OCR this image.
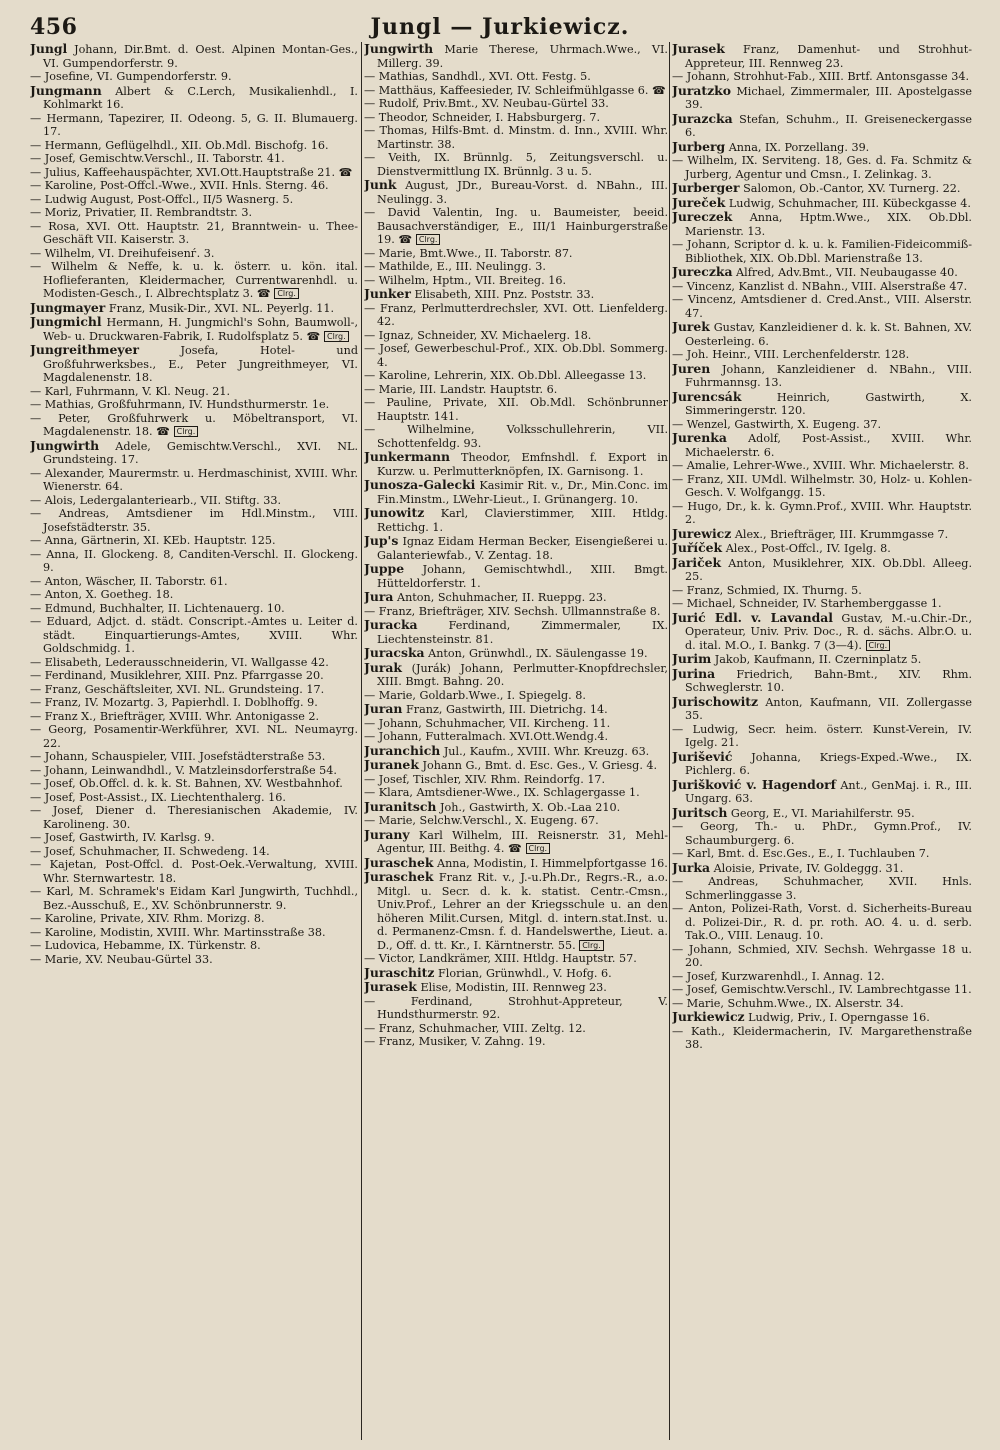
456	Jungl — Jurkiewicz.

Jungl Johann, Dir.Bmt. d. Oest. Alpinen Montan-Ges., VI. Gumpendorferstr. 9.

— Josefine, VI. Gumpendorferstr. 9.

Jungmann Albert & C.Lerch, Musikalienhdl., I. Kohlmarkt 16.

— Hermann, Tapezirer, II. Odeong. 5, G. II. Blumauerg. 17.

— Hermann, Geflügelhdl., XII. Ob.Mdl. Bischofg. 16.

— Josef, Gemischtw.Verschl., II. Taborstr. 41.

— Julius, Kaffeehauspächter, XVI.Ott.Hauptstraße 21. ☎

— Karoline, Post-Offcl.-Wwe., XVII. Hnls. Sterng. 46.

— Ludwig August, Post-Offcl., II/5 Wasnerg. 5.

— Moriz, Privatier, II. Rembrandtstr. 3.

— Rosa, XVI. Ott. Hauptstr. 21, Branntwein- u. Thee-Geschäft VII. Kaiserstr. 3.

— Wilhelm, VI. Dreihufeisenѓ. 3.

— Wilhelm & Neffe, k. u. k. österr. u. kön. ital. Hoflieferanten, Kleidermacher, Currentwarenhdl. u. Modisten-Gesch., I. Albrechtsplatz 3. ☎ Clrg.

Jungmayer Franz, Musik-Dir., XVI. NL. Peyerlg. 11.

Jungmichl Hermann, H. Jungmichl's Sohn, Baumwoll-, Web- u. Druckwaren-Fabrik, I. Rudolfsplatz 5. ☎ Clrg.

Jungreithmeyer	Josefa, Hotel- und Großfuhrwerksbes., E., Peter Jungreithmeyer, VI. Magdalenenstr. 18.

— Karl, Fuhrmann, V. Kl. Neug. 21.

— Mathias, Großfuhrmann, IV. Hundsthurmerstr. 1e.

— Peter, Großfuhrwerk u. Möbeltransport, VI. Magdalenenstr. 18. ☎ Clrg.

Jungwirth Adele, Gemischtw.Verschl., XVI. NL. Grundsteing. 17.

— Alexander, Maurermstr. u. Herdmaschinist, XVIII. Whr. Wienerstr. 64.

— Alois, Ledergalanteriearb., VII. Stiftg. 33.

— Andreas, Amtsdiener im Hdl.Minstm., VIII. Josefstädterstr. 35.

— Anna, Gärtnerin, XI. KEb. Hauptstr. 125.

— Anna, II. Glockeng. 8, Canditen-Verschl. II. Glockeng. 9.

— Anton, Wäscher, II. Taborstr. 61.

— Anton, X. Goetheg. 18.

— Edmund, Buchhalter, II. Lichtenauerg. 10.

— Eduard, Adjct. d. städt. Conscript.-Amtes u. Leiter d. städt. Einquartierungs-Amtes, XVIII. Whr. Goldschmidg. 1.

— Elisabeth, Lederausschneiderin, VI. Wallgasse 42.

— Ferdinand, Musiklehrer, XIII. Pnz. Pfarrgasse 20.

— Franz, Geschäftsleiter, XVI. NL. Grundsteing. 17.

— Franz, IV. Mozartg. 3, Papierhdl. I. Doblhoffg. 9.

— Franz X., Briefträger, XVIII. Whr. Antonigasse 2.

— Georg, Posamentir-Werkführer, XVI. NL. Neumayrg. 22.

— Johann, Schauspieler, VIII. Josefstädterstraße 53.

— Johann, Leinwandhdl., V. Matzleinsdorferstraße 54.

— Josef, Ob.Offcl. d. k. k. St. Bahnen, XV. Westbahnhof.

— Josef, Post-Assist., IX. Liechtenthalerg. 16.

— Josef, Diener d. Theresianischen Akademie, IV. Karolineng. 30.

— Josef, Gastwirth, IV. Karlsg. 9.

— Josef, Schuhmacher, II. Schwedeng. 14.

— Kajetan, Post-Offcl. d. Post-Oek.-Verwaltung, XVIII. Whr. Sternwartestr. 18.

— Karl, M. Schramek's Eidam Karl Jungwirth, Tuchhdl., Bez.-Ausschuß, E., XV. Schönbrunnerstr. 9.

— Karoline, Private, XIV. Rhm. Morizg. 8.

— Karoline, Modistin, XVIII. Whr. Martinsstraße 38.

— Ludovica, Hebamme, IX. Türkenstr. 8.

— Marie, XV. Neubau-Gürtel 33.

Jungwirth Marie Therese, Uhrmach.Wwe., VI. Millerg. 39.

— Mathias, Sandhdl., XVI. Ott. Festg. 5.

— Matthäus, Kaffeesieder, IV. Schleifmühlgasse 6. ☎

— Rudolf, Priv.Bmt., XV. Neubau-Gürtel 33.

— Theodor, Schneider, I. Habsburgerg. 7.

— Thomas, Hilfs-Bmt. d. Minstm. d. Inn., XVIII. Whr. Martinstr. 38.

— Veith, IX. Brünnlg. 5, Zeitungsverschl. u. Dienstvermittlung IX. Brünnlg. 3 u. 5.

Junk August, JDr., Bureau-Vorst. d. NBahn., III. Neulingg. 3.

— David Valentin, Ing. u. Baumeister, beeid. Bausachverständiger, E., III/1 Hainburgerstraße 19. ☎ Clrg.

— Marie, Bmt.Wwe., II. Taborstr. 87.

— Mathilde, E., III. Neulingg. 3.

— Wilhelm, Hptm., VII. Breiteg. 16.

Junker Elisabeth, XIII. Pnz. Poststr. 33.

— Franz, Perlmutterdrechsler, XVI. Ott. Lienfelderg. 42.

— Ignaz, Schneider, XV. Michaelerg. 18.

— Josef, Gewerbeschul-Prof., XIX. Ob.Dbl. Sommerg. 4.

— Karoline, Lehrerin, XIX. Ob.Dbl. Alleegasse 13.

— Marie, III. Landstr. Hauptstr. 6.

— Pauline, Private, XII. Ob.Mdl. Schönbrunner Hauptstr. 141.

— Wilhelmine, Volksschullehrerin, VII. Schottenfeldg. 93.

Junkermann Theodor, Emfnshdl. f. Export in Kurzw. u. Perlmutterknöpfen, IX. Garnisong. 1.

Junosza-Galecki Kasimir Rit. v., Dr., Min.Conc. im Fin.Minstm., LWehr-Lieut., I. Grünangerg. 10.

Junowitz Karl, Clavierstimmer, XIII. Htldg. Rettichg. 1.

Jup's Ignaz Eidam Herman Becker, Eisengießerei u. Galanteriewfab., V. Zentag. 18.

Juppe Johann, Gemischtwhdl., XIII. Bmgt. Hütteldorferstr. 1.

Jura Anton, Schuhmacher, II. Rueppg. 23.

— Franz, Briefträger, XIV. Sechsh. Ullmannstraße 8.

Juracka	Ferdinand, Zimmermaler, IX. Liechtensteinstr. 81.

Juracska Anton, Grünwhdl., IX. Säulengasse 19.

Jurak (Jurák) Johann, Perlmutter-Knopfdrechsler, XIII. Bmgt. Bahng. 20.

— Marie, Goldarb.Wwe., I. Spiegelg. 8.

Juran Franz, Gastwirth, III. Dietrichg. 14.

— Johann, Schuhmacher, VII. Kircheng. 11.

— Johann, Futteralmach. XVI.Ott.Wendg.4.

Juranchich Jul., Kaufm., XVIII. Whr. Kreuzg. 63.

Juranek Johann G., Bmt. d. Esc. Ges., V. Griesg. 4.

— Josef, Tischler, XIV. Rhm. Reindorfg. 17.

— Klara, Amtsdiener-Wwe., IX. Schlagergasse 1.

Juranitsch Joh., Gastwirth, X. Ob.-Laa 210.

— Marie, Selchw.Verschl., X. Eugeng. 67.

Jurany Karl Wilhelm, III. Reisnerstr. 31, Mehl-Agentur, III. Beithg. 4. ☎ Clrg.

Juraschek Anna, Modistin, I. Himmelpfortgasse 16.

Juraschek Franz Rit. v., J.-u.Ph.Dr., Regrs.-R., a.o. Mitgl. u. Secr. d. k. k. statist. Centr.-Cmsn., Univ.Prof., Lehrer an der Kriegsschule u. an den höheren Milit.Cursen, Mitgl. d. intern.stat.Inst. u. d. Permanenz-Cmsn. f. d. Handelswerthe, Lieut. a. D., Off. d. tt. Kr., I. Kärntnerstr. 55. Clrg.

— Victor, Landkrämer, XIII. Htldg. Hauptstr. 57.

Juraschitz Florian, Grünwhdl., V. Hofg. 6.

Jurasek Elise, Modistin, III. Rennweg 23.

— Ferdinand, Strohhut-Appreteur, V. Hundsthurmerstr. 92.

— Franz, Schuhmacher, VIII. Zeltg. 12.

— Franz, Musiker, V. Zahng. 19.

Jurasek Franz, Damenhut- und Strohhut-Appreteur, III. Rennweg 23.

— Johann, Strohhut-Fab., XIII. Brtf. Antonsgasse 34.

Juratzko Michael, Zimmermaler, III. Apostelgasse 39.

Jurazcka Stefan, Schuhm., II. Greiseneckergasse 6.

Jurberg Anna, IX. Porzellang. 39.

— Wilhelm, IX. Serviteng. 18, Ges. d. Fa. Schmitz & Jurberg, Agentur und Cmsn., I. Zelinkag. 3.

Jurberger Salomon, Ob.-Cantor, XV. Turnerg. 22.

Jureček Ludwig, Schuhmacher, III. Kübeckgasse 4.

Jureczek Anna, Hptm.Wwe., XIX. Ob.Dbl. Marienstr. 13.

— Johann, Scriptor d. k. u. k. Familien-Fideicommiß-Bibliothek, XIX. Ob.Dbl. Marienstraße 13.

Jureczka Alfred, Adv.Bmt., VII. Neubaugasse 40.

— Vincenz, Kanzlist d. NBahn., VIII. Alserstraße 47.

— Vincenz, Amtsdiener d. Cred.Anst., VIII. Alserstr. 47.

Jurek Gustav, Kanzleidiener d. k. k. St. Bahnen, XV. Oesterleing. 6.

— Joh. Heinr., VIII. Lerchenfelderstr. 128.

Juren Johann, Kanzleidiener d. NBahn., VIII. Fuhrmannsg. 13.

Jurencsák	Heinrich, Gastwirth, X. Simmeringerstr. 120.

— Wenzel, Gastwirth, X. Eugeng. 37.

Jurenka Adolf, Post-Assist., XVIII. Whr. Michaelerstr. 6.

— Amalie, Lehrer-Wwe., XVIII. Whr. Michaelerstr. 8.

— Franz, XII. UMdl. Wilhelmstr. 30, Holz- u. Kohlen-Gesch. V. Wolfgangg. 15.

— Hugo, Dr., k. k. Gymn.Prof., XVIII. Whr. Hauptstr. 2.

Jurewicz Alex., Briefträger, III. Krummgasse 7.

Juříček Alex., Post-Offcl., IV. Igelg. 8.

Jariček Anton, Musiklehrer, XIX. Ob.Dbl. Alleeg. 25.

— Franz, Schmied, IX. Thurng. 5.

— Michael, Schneider, IV. Starhemberggasse 1.

Jurić Edl. v. Lavandal Gustav, M.-u.Chir.-Dr., Operateur, Univ. Priv. Doc., R. d. sächs. Albr.O. u. d. ital. M.O., I. Bankg. 7 (3—4). Clrg.

Jurim Jakob, Kaufmann, II. Czerninplatz 5.

Jurina Friedrich, Bahn-Bmt., XIV. Rhm. Schweglerstr. 10.

Jurischowitz Anton, Kaufmann, VII. Zollergasse 35.

— Ludwig, Secr. heim. österr. Kunst-Verein, IV. Igelg. 21.

Jurišević Johanna, Kriegs-Exped.-Wwe., IX. Pichlerg. 6.

Jurišković v. Hagendorf Ant., GenMaj. i. R., III. Ungarg. 63.

Juritsch Georg, E., VI. Mariahilferstr. 95.

— Georg, Th.- u. PhDr., Gymn.Prof., IV. Schaumburgerg. 6.

— Karl, Bmt. d. Esc.Ges., E., I. Tuchlauben 7.

Jurka Aloisie, Private, IV. Goldeggg. 31.

— Andreas, Schuhmacher, XVII. Hnls. Schmerlinggasse 3.

— Anton, Polizei-Rath, Vorst. d. Sicherheits-Bureau d. Polizei-Dir., R. d. pr. roth. AO. 4. u. d. serb. Tak.O., VIII. Lenaug. 10.

— Johann, Schmied, XIV. Sechsh. Wehrgasse 18 u. 20.

— Josef, Kurzwarenhdl., I. Annag. 12.

— Josef, Gemischtw.Verschl., IV. Lambrechtgasse 11.

— Marie, Schuhm.Wwe., IX. Alserstr. 34.

Jurkiewicz Ludwig, Priv., I. Operngasse 16.

— Kath., Kleidermacherin, IV. Margarethenstraße 38.
